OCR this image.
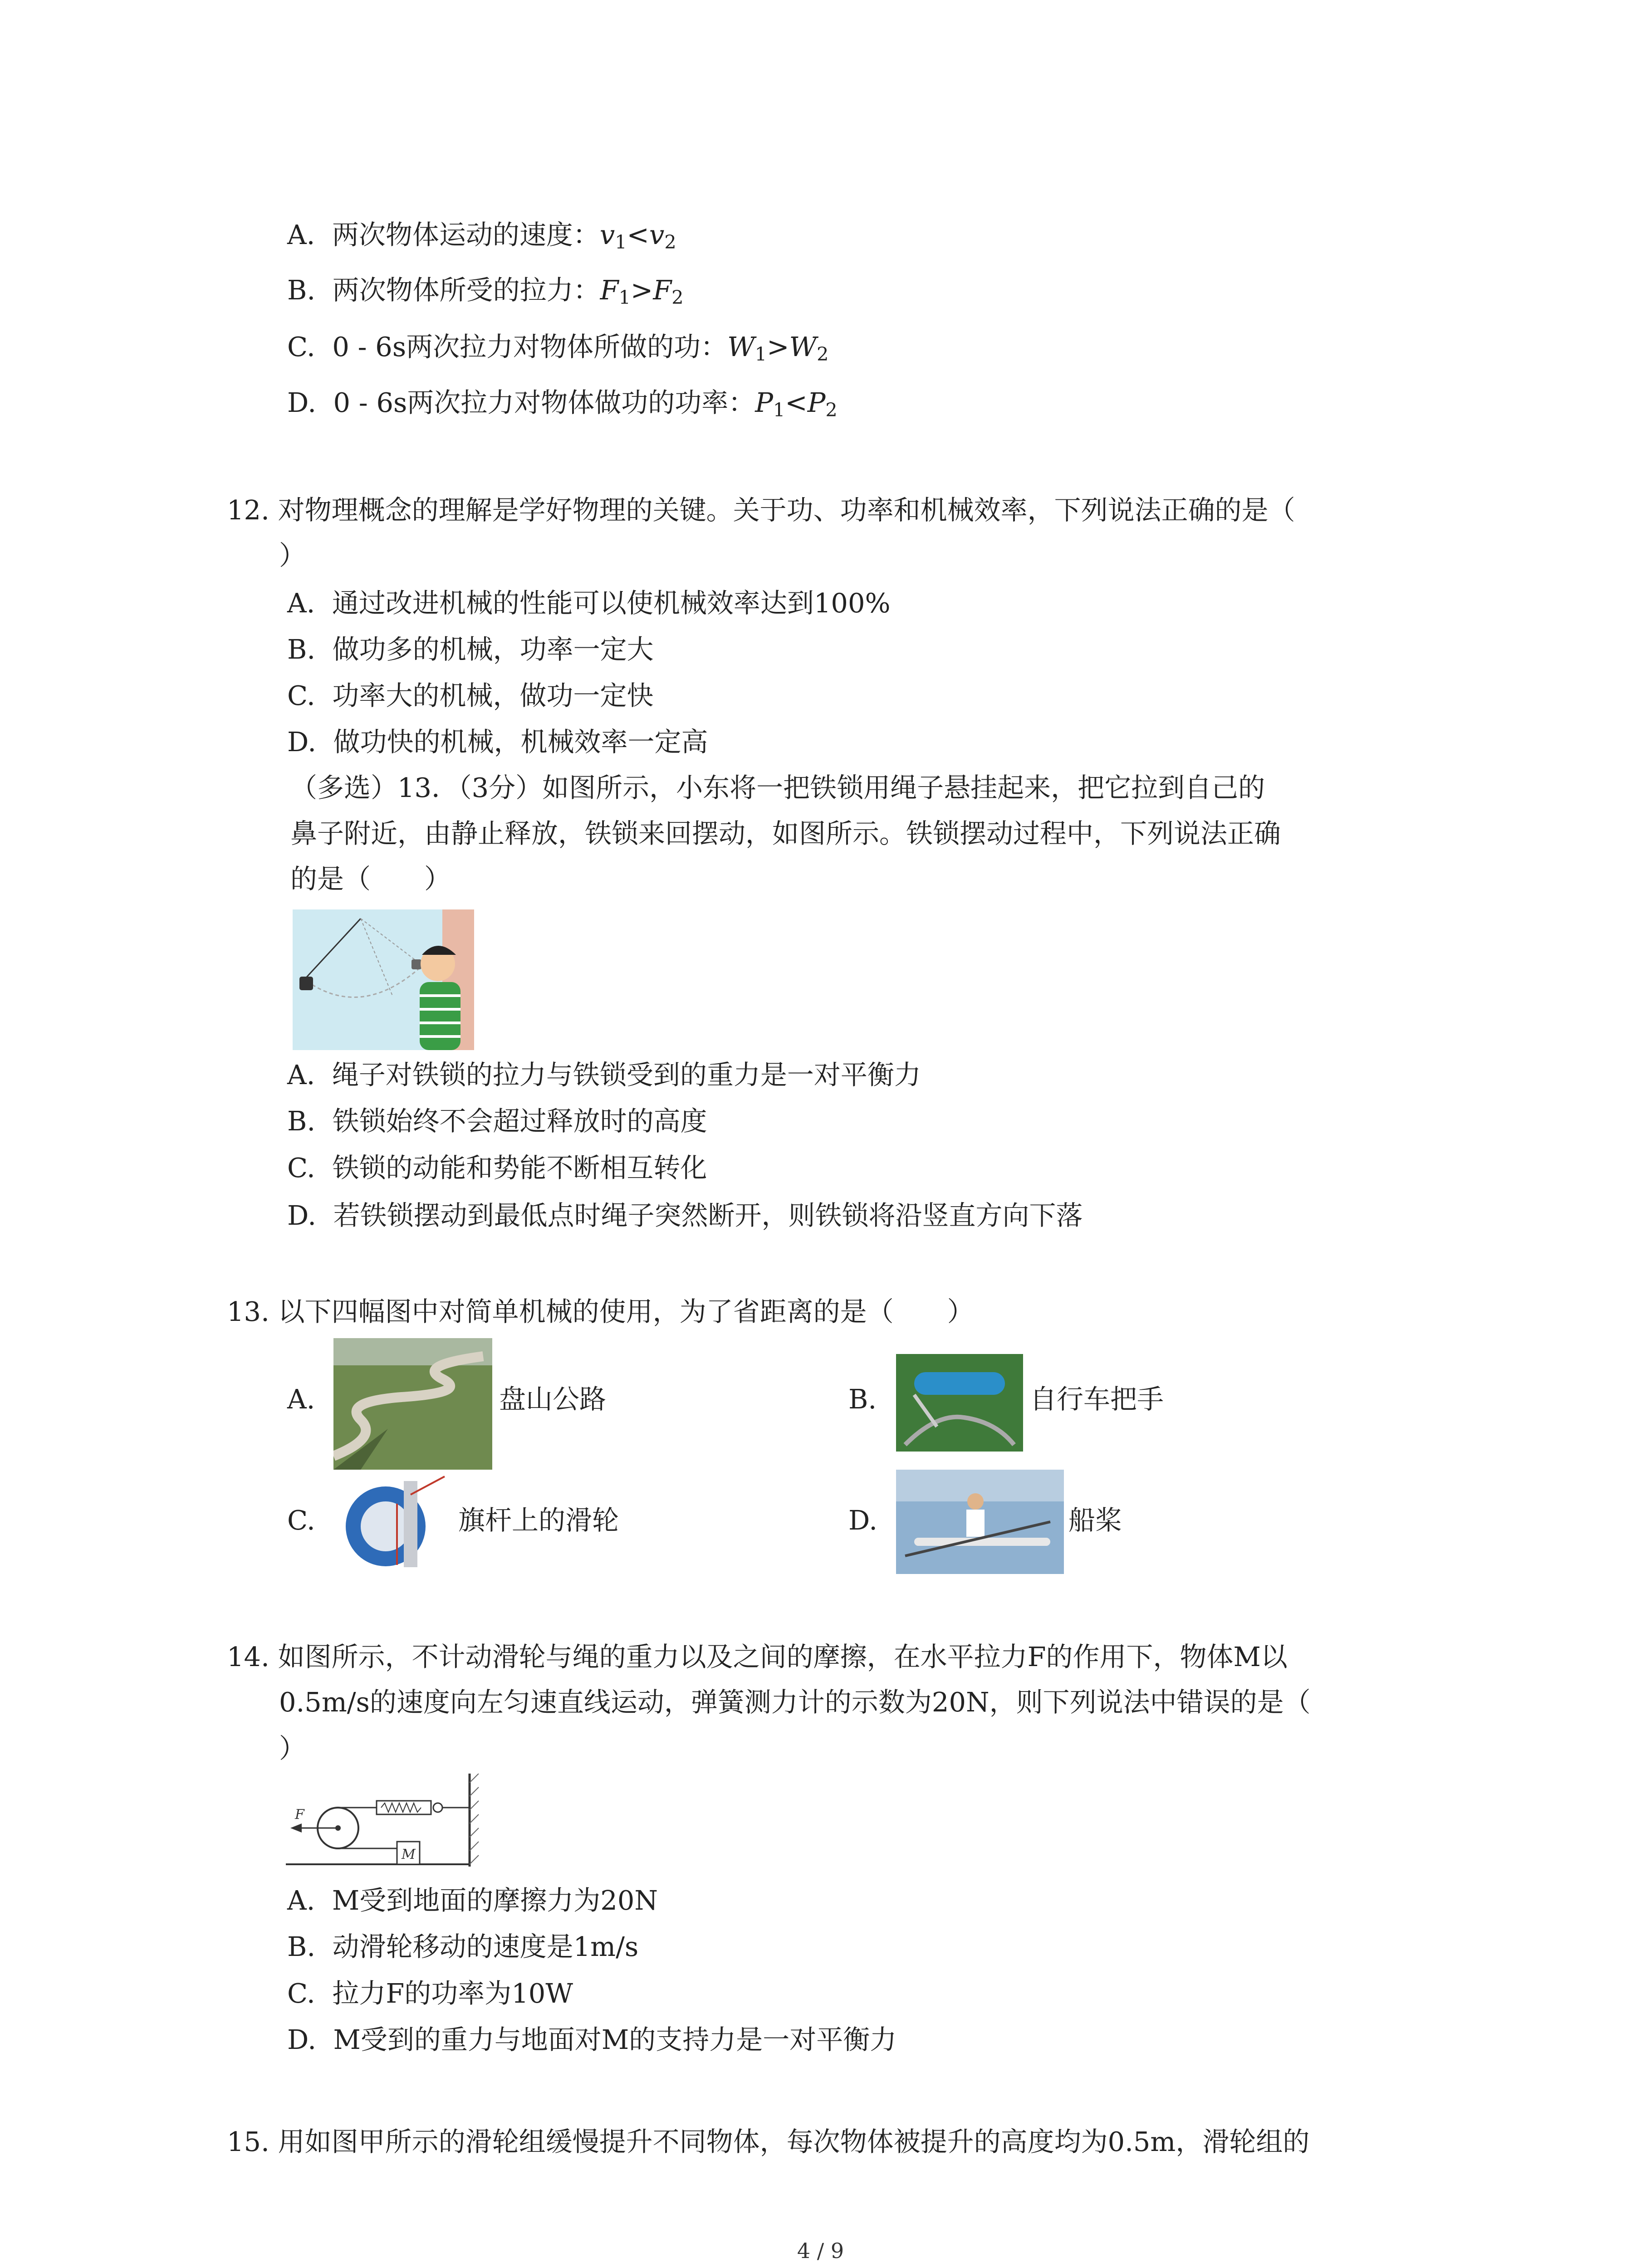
A. 两次物体运动的速度：v1<v2
B. 两次物体所受的拉力：F1>F2
C. 0 - 6s两次拉力对物体所做的功：W1>W2
D. 0 - 6s两次拉力对物体做功的功率：P1<P2
12. 对物理概念的理解是学好物理的关键。关于功、功率和机械效率，下列说法正确的是（
）
A. 通过改进机械的性能可以使机械效率达到100%
B. 做功多的机械，功率一定大
C. 功率大的机械，做功一定快
D. 做功快的机械，机械效率一定高
（多选）13．（3分）如图所示，小东将一把铁锁用绳子悬挂起来，把它拉到自己的
鼻子附近，由静止释放，铁锁来回摆动，如图所示。铁锁摆动过程中，下列说法正确
的是（　　）
A. 绳子对铁锁的拉力与铁锁受到的重力是一对平衡力
B. 铁锁始终不会超过释放时的高度
C. 铁锁的动能和势能不断相互转化
D. 若铁锁摆动到最低点时绳子突然断开，则铁锁将沿竖直方向下落
13. 以下四幅图中对简单机械的使用，为了省距离的是（　　）
A.	盘山公路	B.	自行车把手
C.	旗杆上的滑轮	D.	船桨
14. 如图所示，不计动滑轮与绳的重力以及之间的摩擦，在水平拉力F的作用下，物体M以
0.5m/s的速度向左匀速直线运动，弹簧测力计的示数为20N，则下列说法中错误的是（
）
F
M
A. M受到地面的摩擦力为20N
B. 动滑轮移动的速度是1m/s
C. 拉力F的功率为10W
D. M受到的重力与地面对M的支持力是一对平衡力
15. 用如图甲所示的滑轮组缓慢提升不同物体，每次物体被提升的高度均为0.5m，滑轮组的
4 / 9
